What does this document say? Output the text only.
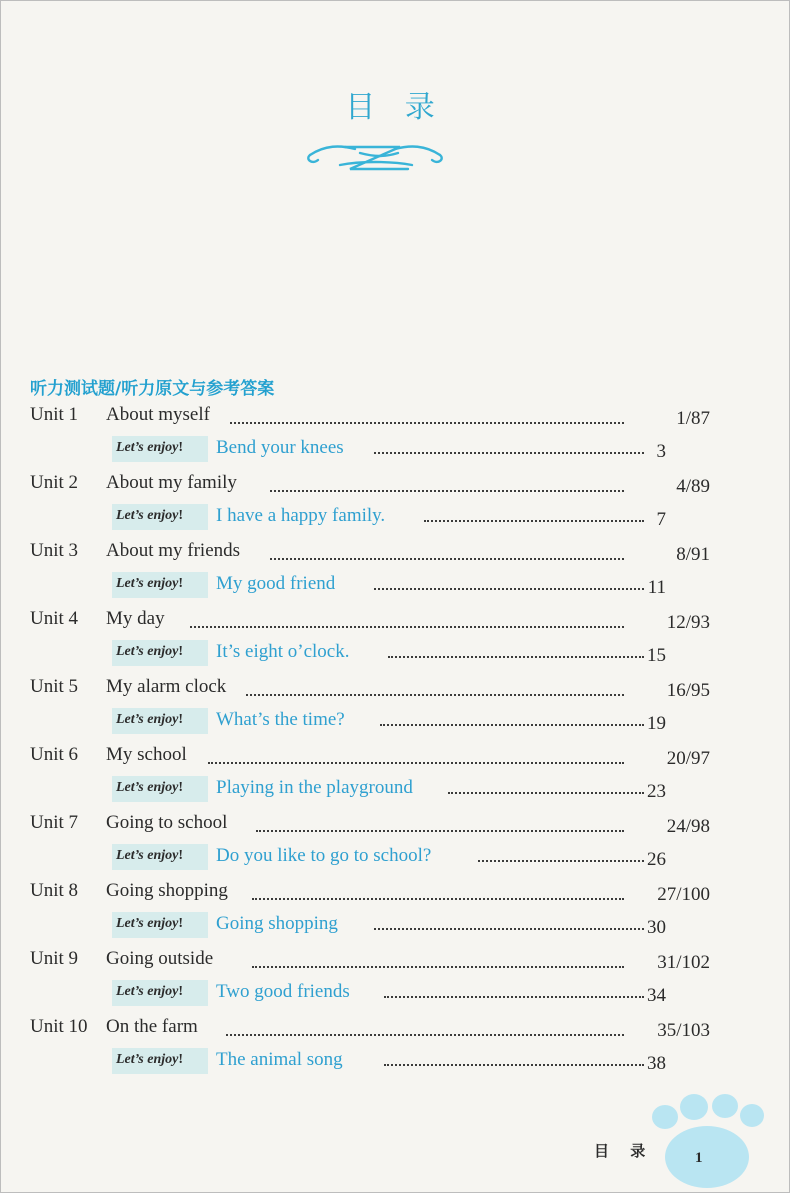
目 录
听力测试题/听力原文与参考答案
Unit 1 About myself	1/87
Let’s enjoy! Bend your knees	3
Unit 2 About my family	4/89
Let’s enjoy! I have a happy family.	7
Unit 3 About my friends	8/91
Let’s enjoy! My good friend	11
Unit 4 My day	12/93
Let’s enjoy! It’s eight o’clock.	15
Unit 5 My alarm clock	16/95
Let’s enjoy! What’s the time?	19
Unit 6 My school	20/97
Let’s enjoy! Playing in the playground	23
Unit 7 Going to school	24/98
Let’s enjoy! Do you like to go to school?	26
Unit 8 Going shopping	27/100
Let’s enjoy! Going shopping	30
Unit 9 Going outside	31/102
Let’s enjoy! Two good friends	34
Unit 10 On the farm	35/103
Let’s enjoy! The animal song	38
目 录	1
